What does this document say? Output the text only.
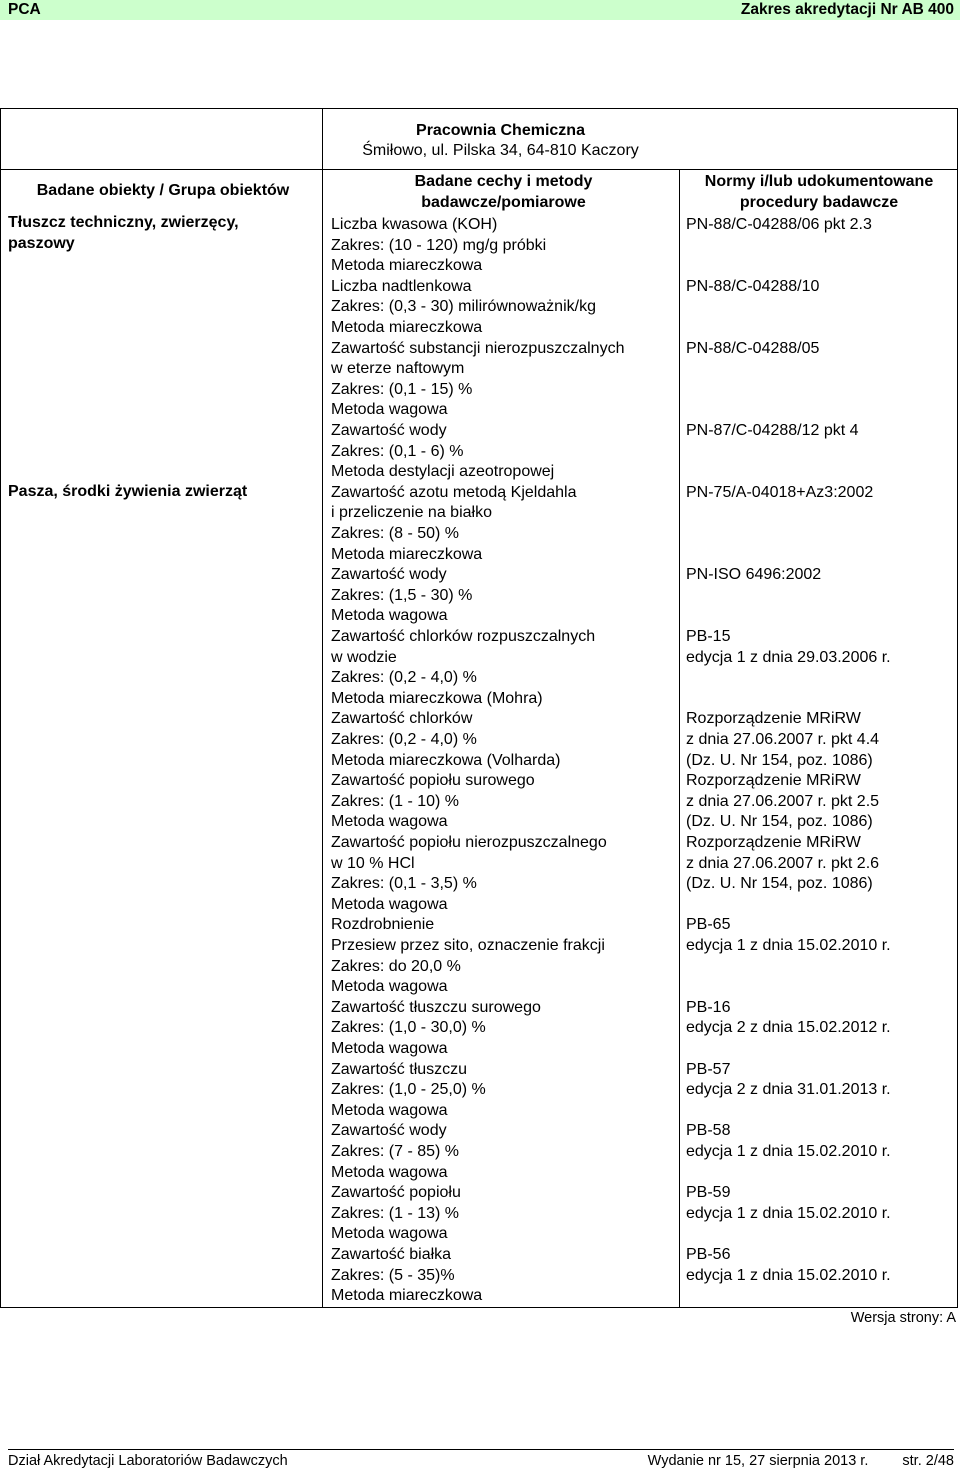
PCA	Zakres akredytacji Nr AB 400
Pracownia Chemiczna
Śmiłowo, ul. Pilska 34, 64-810 Kaczory
Badane obiekty / Grupa obiektów
Tłuszcz techniczny, zwierzęcy,
paszowy
Pasza, środki żywienia zwierząt
Badane cechy i metody
badawcze/pomiarowe
Normy i/lub udokumentowane
procedury badawcze
Liczba kwasowa (KOH)
Zakres: (10 - 120) mg/g próbki
Metoda miareczkowa
PN-88/C-04288/06 pkt 2.3
Liczba nadtlenkowa
Zakres: (0,3 - 30) milirównoważnik/kg
Metoda miareczkowa
PN-88/C-04288/10
Zawartość substancji nierozpuszczalnych
w eterze naftowym
Zakres: (0,1 - 15) %
Metoda wagowa
PN-88/C-04288/05
Zawartość wody
Zakres: (0,1 - 6) %
Metoda destylacji azeotropowej
PN-87/C-04288/12 pkt 4
Zawartość azotu metodą Kjeldahla
i przeliczenie na białko
Zakres: (8 - 50) %
Metoda miareczkowa
PN-75/A-04018+Az3:2002
Zawartość wody
Zakres: (1,5 - 30) %
Metoda wagowa
PN-ISO 6496:2002
Zawartość chlorków rozpuszczalnych
w wodzie
Zakres: (0,2 - 4,0) %
Metoda miareczkowa (Mohra)
PB-15
edycja 1 z dnia 29.03.2006 r.
Zawartość chlorków
Zakres: (0,2 - 4,0) %
Metoda miareczkowa (Volharda)
Rozporządzenie MRiRW
z dnia 27.06.2007 r. pkt 4.4
(Dz. U. Nr 154, poz. 1086)
Zawartość popiołu surowego
Zakres: (1 - 10) %
Metoda wagowa
Rozporządzenie MRiRW
z dnia 27.06.2007 r. pkt 2.5
(Dz. U. Nr 154, poz. 1086)
Zawartość popiołu nierozpuszczalnego
w 10 % HCl
Zakres: (0,1 - 3,5) %
Metoda wagowa
Rozporządzenie MRiRW
z dnia 27.06.2007 r. pkt 2.6
(Dz. U. Nr 154, poz. 1086)
Rozdrobnienie
Przesiew przez sito, oznaczenie frakcji
Zakres: do 20,0 %
Metoda wagowa
PB-65
edycja 1 z dnia 15.02.2010 r.
Zawartość tłuszczu surowego
Zakres: (1,0 - 30,0) %
Metoda wagowa
PB-16
edycja 2 z dnia 15.02.2012 r.
Zawartość tłuszczu
Zakres: (1,0 - 25,0) %
Metoda wagowa
PB-57
edycja 2 z dnia 31.01.2013 r.
Zawartość wody
Zakres: (7 - 85) %
Metoda wagowa
PB-58
edycja 1 z dnia 15.02.2010 r.
Zawartość popiołu
Zakres: (1 - 13) %
Metoda wagowa
PB-59
edycja 1 z dnia 15.02.2010 r.
Zawartość białka
Zakres: (5 - 35)%
Metoda miareczkowa
PB-56
edycja 1 z dnia 15.02.2010 r.
Wersja strony: A
Dział Akredytacji Laboratoriów Badawczych	Wydanie nr 15, 27 sierpnia 2013 r. str. 2/48
